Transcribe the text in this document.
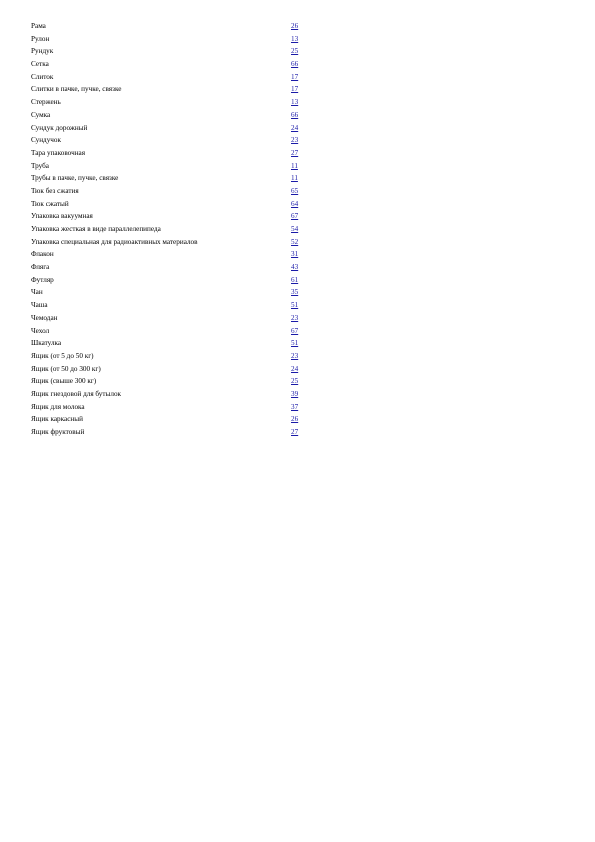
Рама	26
Рулон	13
Рундук	25
Сетка	66
Слиток	17
Слитки в пачке, пучке, связке	17
Стержень	13
Сумка	66
Сундук дорожный	24
Сундучок	23
Тара упаковочная	27
Труба	11
Трубы в пачке, пучке, связке	11
Тюк без сжатия	65
Тюк сжатый	64
Упаковка вакуумная	67
Упаковка жесткая в виде параллелепипеда	54
Упаковка специальная для радиоактивных материалов	52
Флакон	31
Фляга	43
Футляр	61
Чан	35
Чаша	51
Чемодан	23
Чехол	67
Шкатулка	51
Ящик (от 5 до 50 кг)	23
Ящик (от 50 до 300 кг)	24
Ящик (свыше 300 кг)	25
Ящик гнездовой для бутылок	39
Ящик для молока	37
Ящик каркасный	26
Ящик фруктовый	27
